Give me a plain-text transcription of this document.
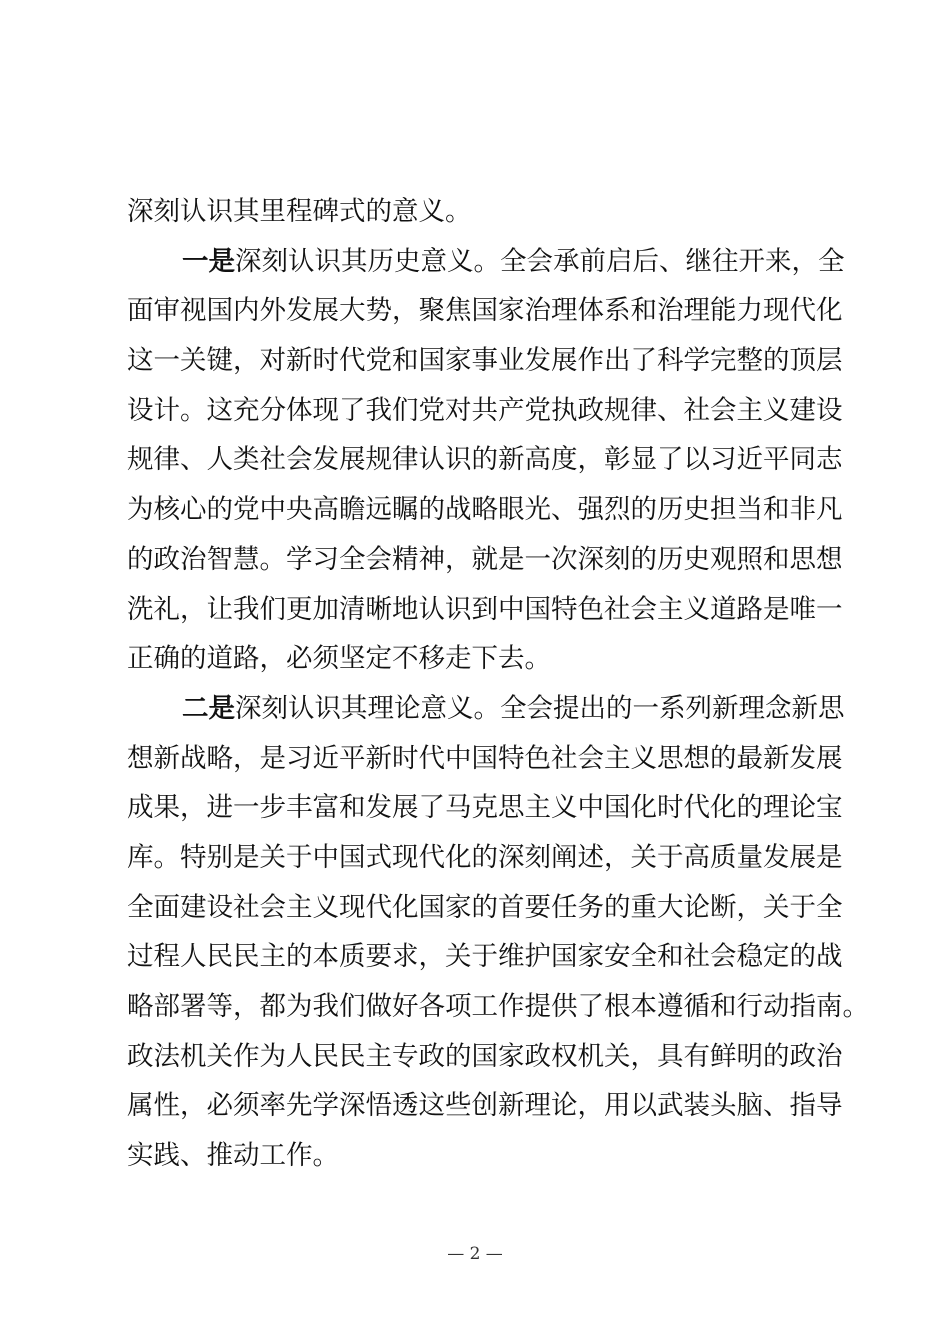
深刻认识其里程碑式的意义。
一是深刻认识其历史意义。全会承前启后、继往开来，全
面审视国内外发展大势，聚焦国家治理体系和治理能力现代化
这一关键，对新时代党和国家事业发展作出了科学完整的顶层
设计。这充分体现了我们党对共产党执政规律、社会主义建设
规律、人类社会发展规律认识的新高度，彰显了以习近平同志
为核心的党中央高瞻远瞩的战略眼光、强烈的历史担当和非凡
的政治智慧。学习全会精神，就是一次深刻的历史观照和思想
洗礼，让我们更加清晰地认识到中国特色社会主义道路是唯一
正确的道路，必须坚定不移走下去。
二是深刻认识其理论意义。全会提出的一系列新理念新思
想新战略，是习近平新时代中国特色社会主义思想的最新发展
成果，进一步丰富和发展了马克思主义中国化时代化的理论宝
库。特别是关于中国式现代化的深刻阐述，关于高质量发展是
全面建设社会主义现代化国家的首要任务的重大论断，关于全
过程人民民主的本质要求，关于维护国家安全和社会稳定的战
略部署等，都为我们做好各项工作提供了根本遵循和行动指南。
政法机关作为人民民主专政的国家政权机关，具有鲜明的政治
属性，必须率先学深悟透这些创新理论，用以武装头脑、指导
实践、推动工作。
— 2 —
